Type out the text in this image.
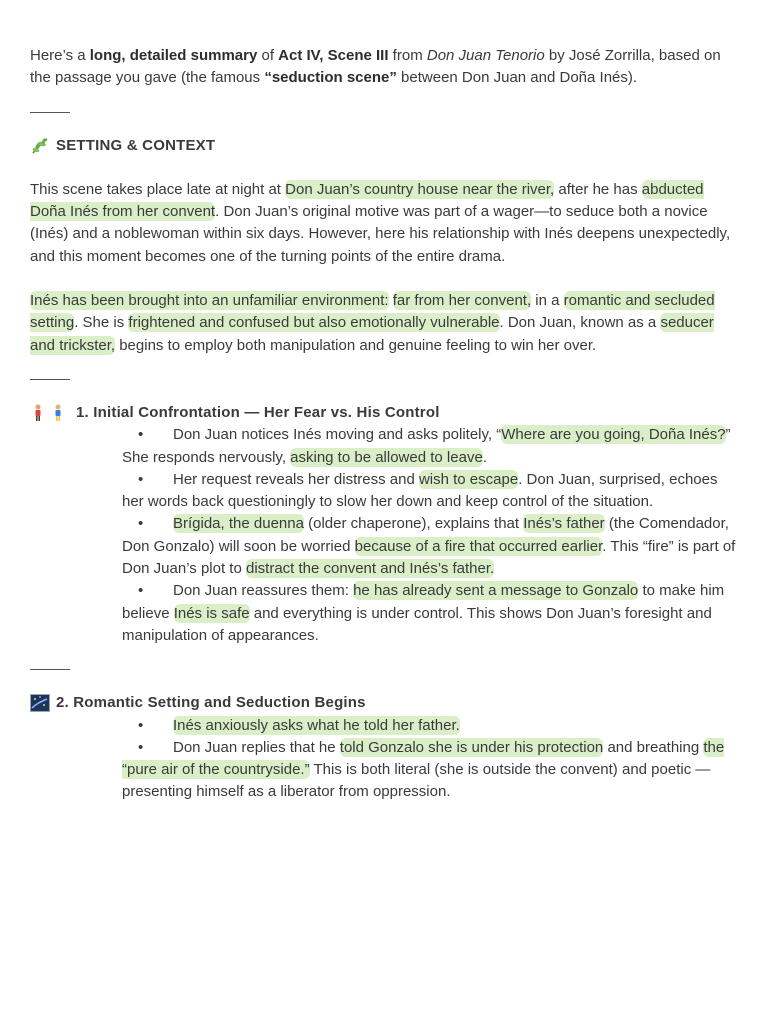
Here’s a long, detailed summary of Act IV, Scene III from Don Juan Tenorio by José Zorrilla, based on the passage you gave (the famous “seduction scene” between Don Juan and Doña Inés).

SETTING & CONTEXT

This scene takes place late at night at Don Juan’s country house near the river, after he has abducted Doña Inés from her convent. Don Juan’s original motive was part of a wager—to seduce both a novice (Inés) and a noblewoman within six days. However, here his relationship with Inés deepens unexpectedly, and this moment becomes one of the turning points of the entire drama.

Inés has been brought into an unfamiliar environment: far from her convent, in a romantic and secluded setting. She is frightened and confused but also emotionally vulnerable. Don Juan, known as a seducer and trickster, begins to employ both manipulation and genuine feeling to win her over.

1. Initial Confrontation — Her Fear vs. His Control
• Don Juan notices Inés moving and asks politely, “Where are you going, Doña Inés?” She responds nervously, asking to be allowed to leave.
• Her request reveals her distress and wish to escape. Don Juan, surprised, echoes her words back questioningly to slow her down and keep control of the situation.
• Brígida, the duenna (older chaperone), explains that Inés’s father (the Comendador, Don Gonzalo) will soon be worried because of a fire that occurred earlier. This “fire” is part of Don Juan’s plot to distract the convent and Inés’s father.
• Don Juan reassures them: he has already sent a message to Gonzalo to make him believe Inés is safe and everything is under control. This shows Don Juan’s foresight and manipulation of appearances.
2. Romantic Setting and Seduction Begins
• Inés anxiously asks what he told her father.
• Don Juan replies that he told Gonzalo she is under his protection and breathing the “pure air of the countryside.” This is both literal (she is outside the convent) and poetic — presenting himself as a liberator from oppression.
